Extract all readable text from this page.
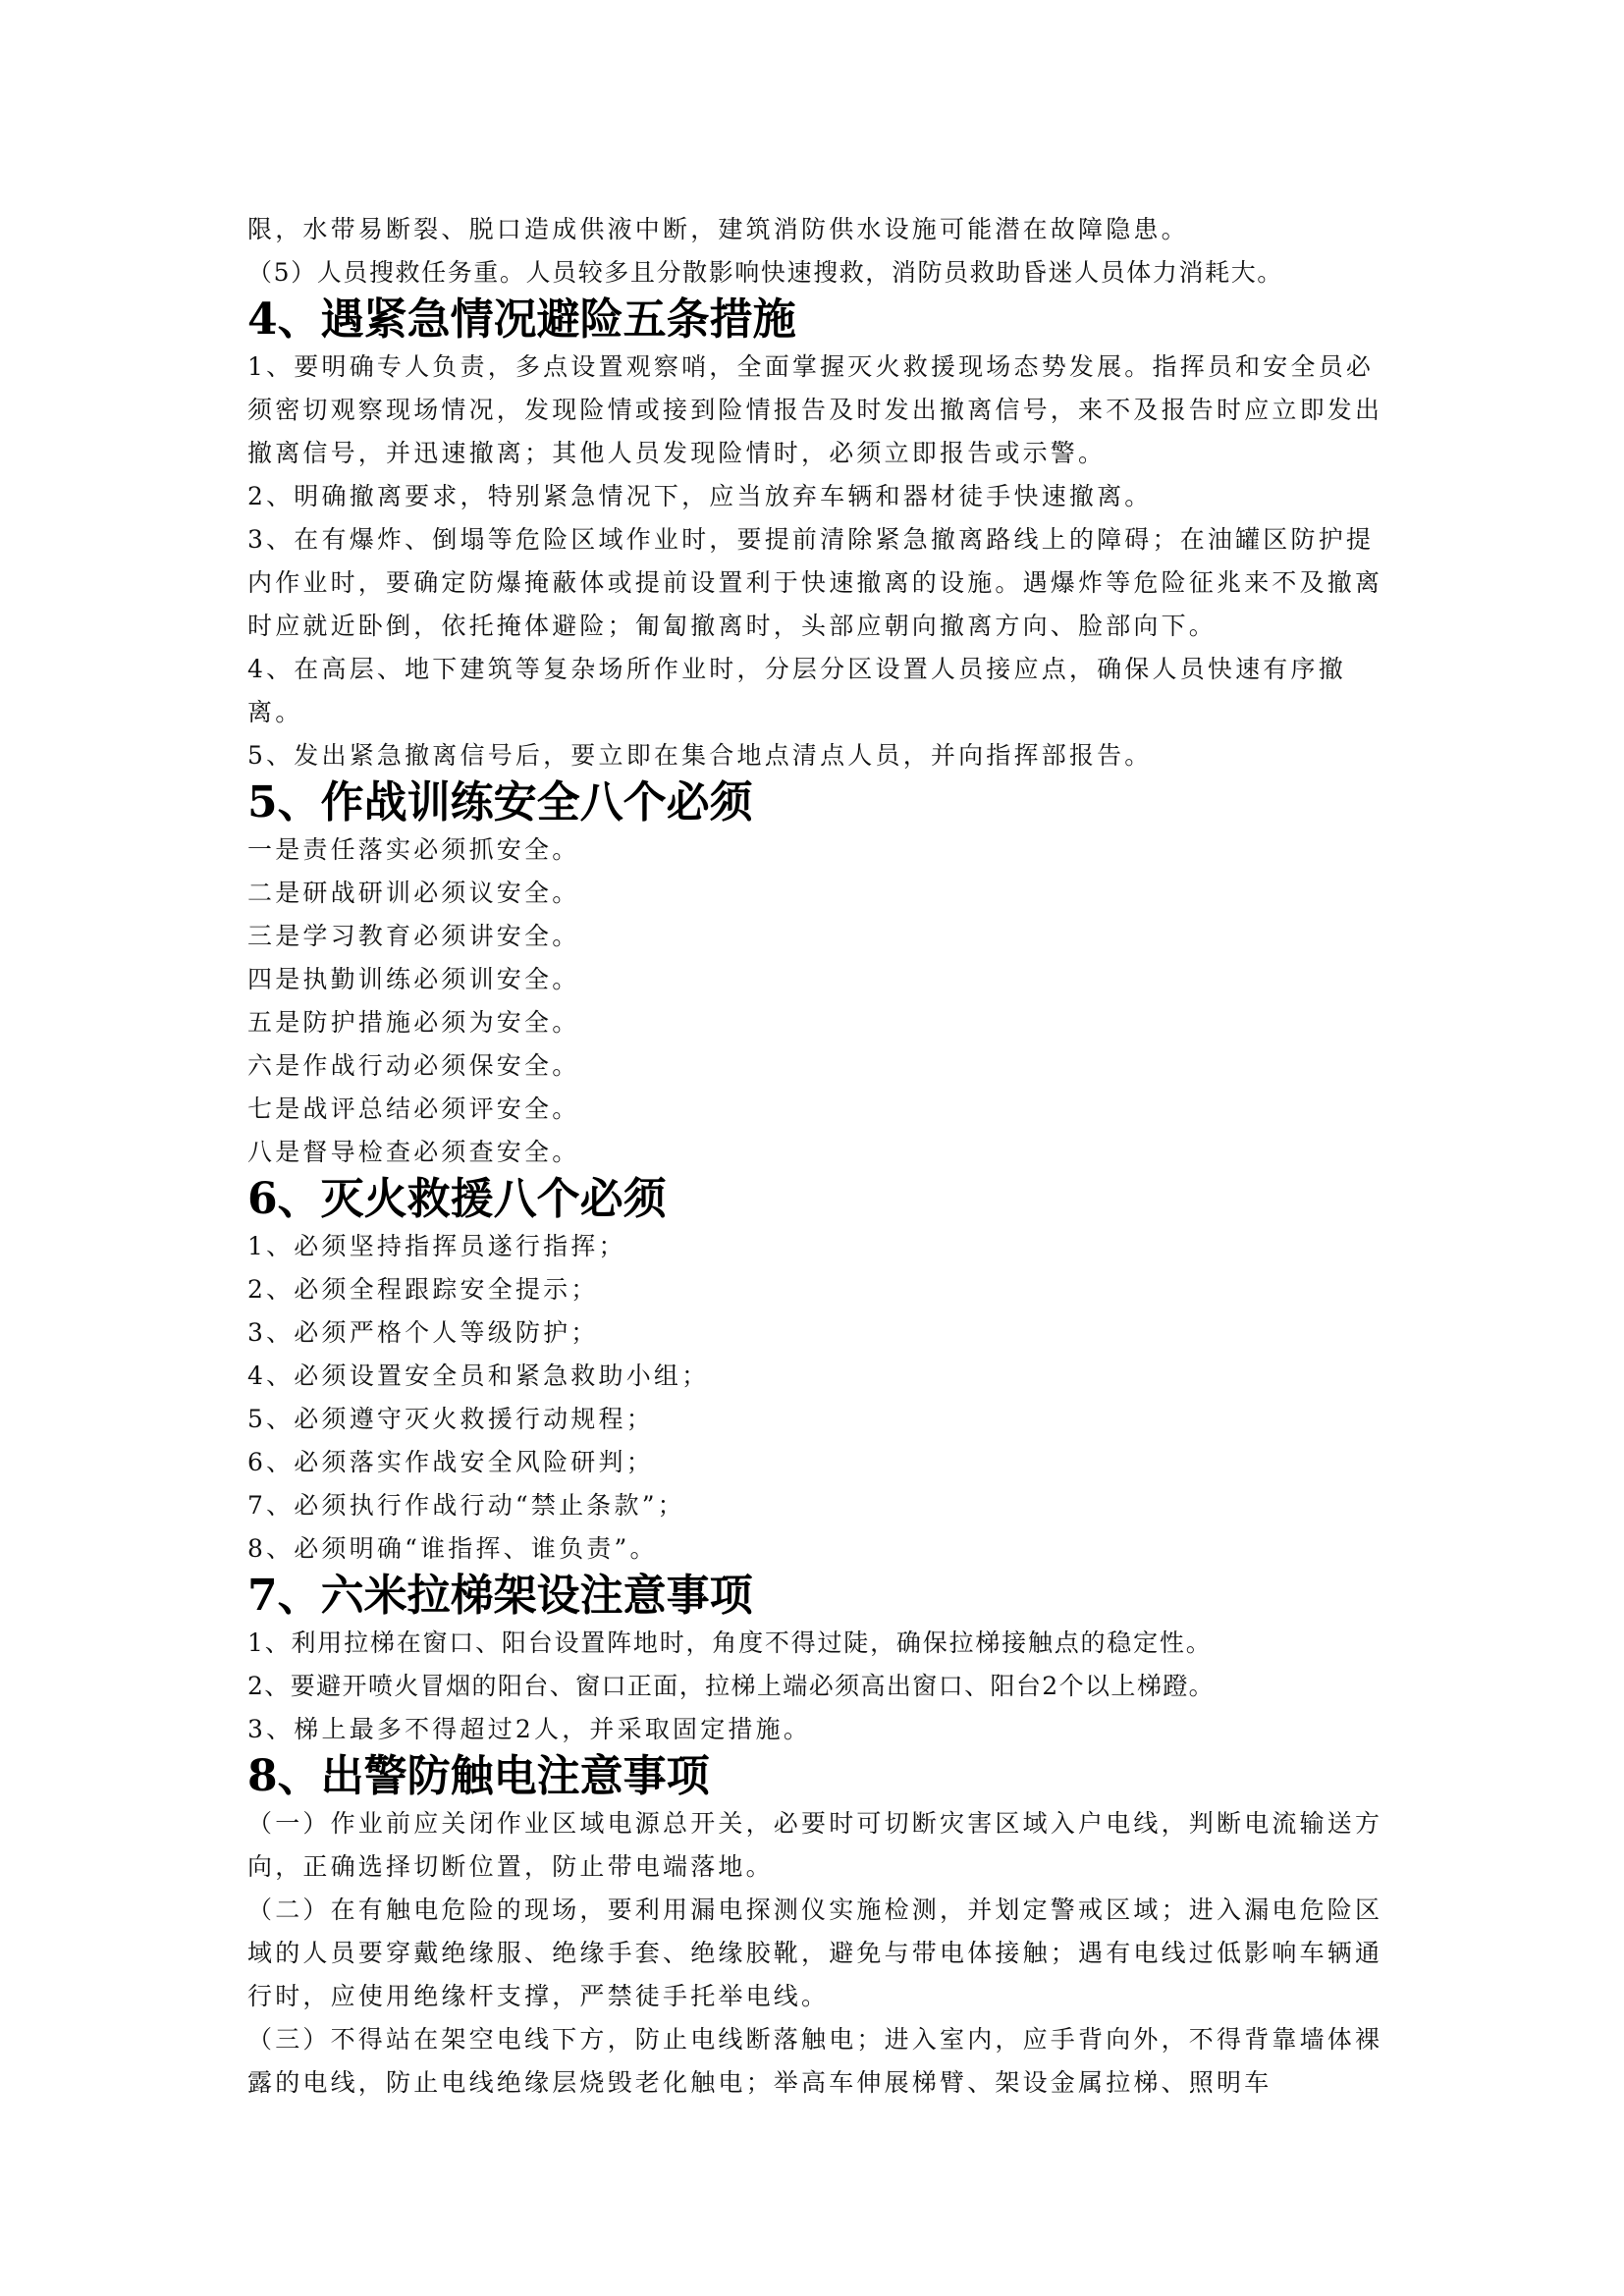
限，水带易断裂、脱口造成供液中断，建筑消防供水设施可能潜在故障隐患。

（5）人员搜救任务重。人员较多且分散影响快速搜救，消防员救助昏迷人员体力消耗大。

4、遇紧急情况避险五条措施

1、要明确专人负责，多点设置观察哨，全面掌握灭火救援现场态势发展。指挥员和安全员必须密切观察现场情况，发现险情或接到险情报告及时发出撤离信号，来不及报告时应立即发出撤离信号，并迅速撤离；其他人员发现险情时，必须立即报告或示警。

2、明确撤离要求，特别紧急情况下，应当放弃车辆和器材徒手快速撤离。

3、在有爆炸、倒塌等危险区域作业时，要提前清除紧急撤离路线上的障碍；在油罐区防护提内作业时，要确定防爆掩蔽体或提前设置利于快速撤离的设施。遇爆炸等危险征兆来不及撤离时应就近卧倒，依托掩体避险；匍匐撤离时，头部应朝向撤离方向、脸部向下。

4、在高层、地下建筑等复杂场所作业时，分层分区设置人员接应点，确保人员快速有序撤离。

5、发出紧急撤离信号后，要立即在集合地点清点人员，并向指挥部报告。

5、作战训练安全八个必须

一是责任落实必须抓安全。

二是研战研训必须议安全。

三是学习教育必须讲安全。

四是执勤训练必须训安全。

五是防护措施必须为安全。

六是作战行动必须保安全。

七是战评总结必须评安全。

八是督导检查必须查安全。

6、灭火救援八个必须

1、必须坚持指挥员遂行指挥；

2、必须全程跟踪安全提示；

3、必须严格个人等级防护；

4、必须设置安全员和紧急救助小组；

5、必须遵守灭火救援行动规程；

6、必须落实作战安全风险研判；

7、必须执行作战行动“禁止条款”；

8、必须明确“谁指挥、谁负责”。

7、六米拉梯架设注意事项

1、利用拉梯在窗口、阳台设置阵地时，角度不得过陡，确保拉梯接触点的稳定性。

2、要避开喷火冒烟的阳台、窗口正面，拉梯上端必须高出窗口、阳台2个以上梯蹬。

3、梯上最多不得超过2人，并采取固定措施。

8、出警防触电注意事项

（一）作业前应关闭作业区域电源总开关，必要时可切断灾害区域入户电线，判断电流输送方向，正确选择切断位置，防止带电端落地。

（二）在有触电危险的现场，要利用漏电探测仪实施检测，并划定警戒区域；进入漏电危险区域的人员要穿戴绝缘服、绝缘手套、绝缘胶靴，避免与带电体接触；遇有电线过低影响车辆通行时，应使用绝缘杆支撑，严禁徒手托举电线。

（三）不得站在架空电线下方，防止电线断落触电；进入室内，应手背向外，不得背靠墙体裸露的电线，防止电线绝缘层烧毁老化触电；举高车伸展梯臂、架设金属拉梯、照明车
